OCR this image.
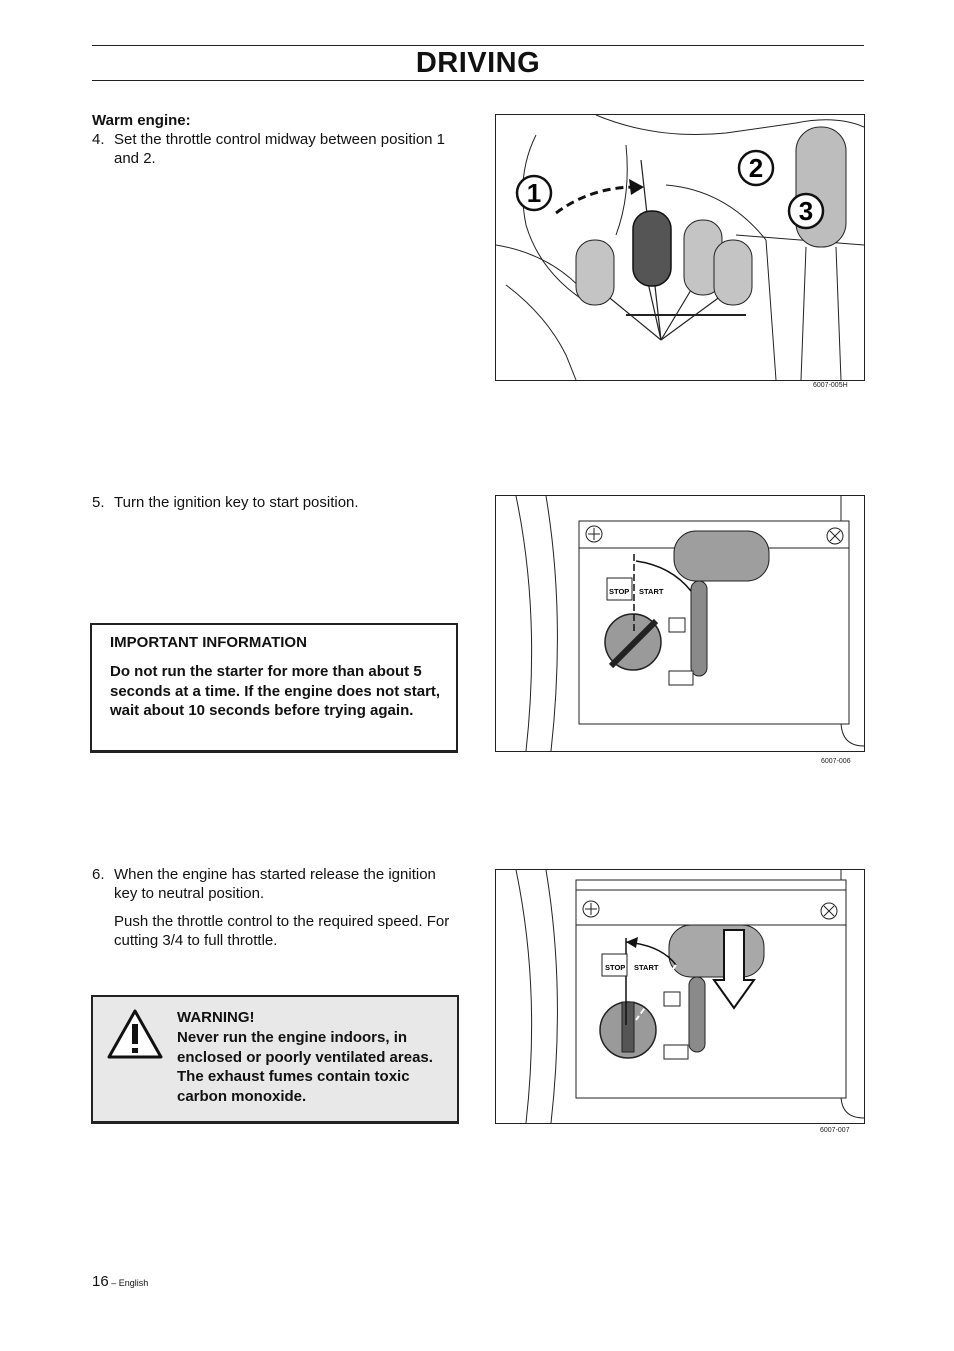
DRIVING
Warm engine:
4. Set the throttle control midway between position 1 and 2.
1
2
3
6007-005H
5. Turn the ignition key to start position.
IMPORTANT INFORMATION
Do not run the starter for more than about 5 seconds at a time. If the engine does not start, wait about 10 seconds before trying again.
STOP START
6007-006
6. When the engine has started release the ignition key to neutral position.
Push the throttle control to the required speed. For cutting 3/4 to full throttle.
WARNING!
Never run the engine indoors, in enclosed or poorly ventilated areas. The exhaust fumes contain toxic carbon monoxide.
STOP START
6007-007
16 – English
